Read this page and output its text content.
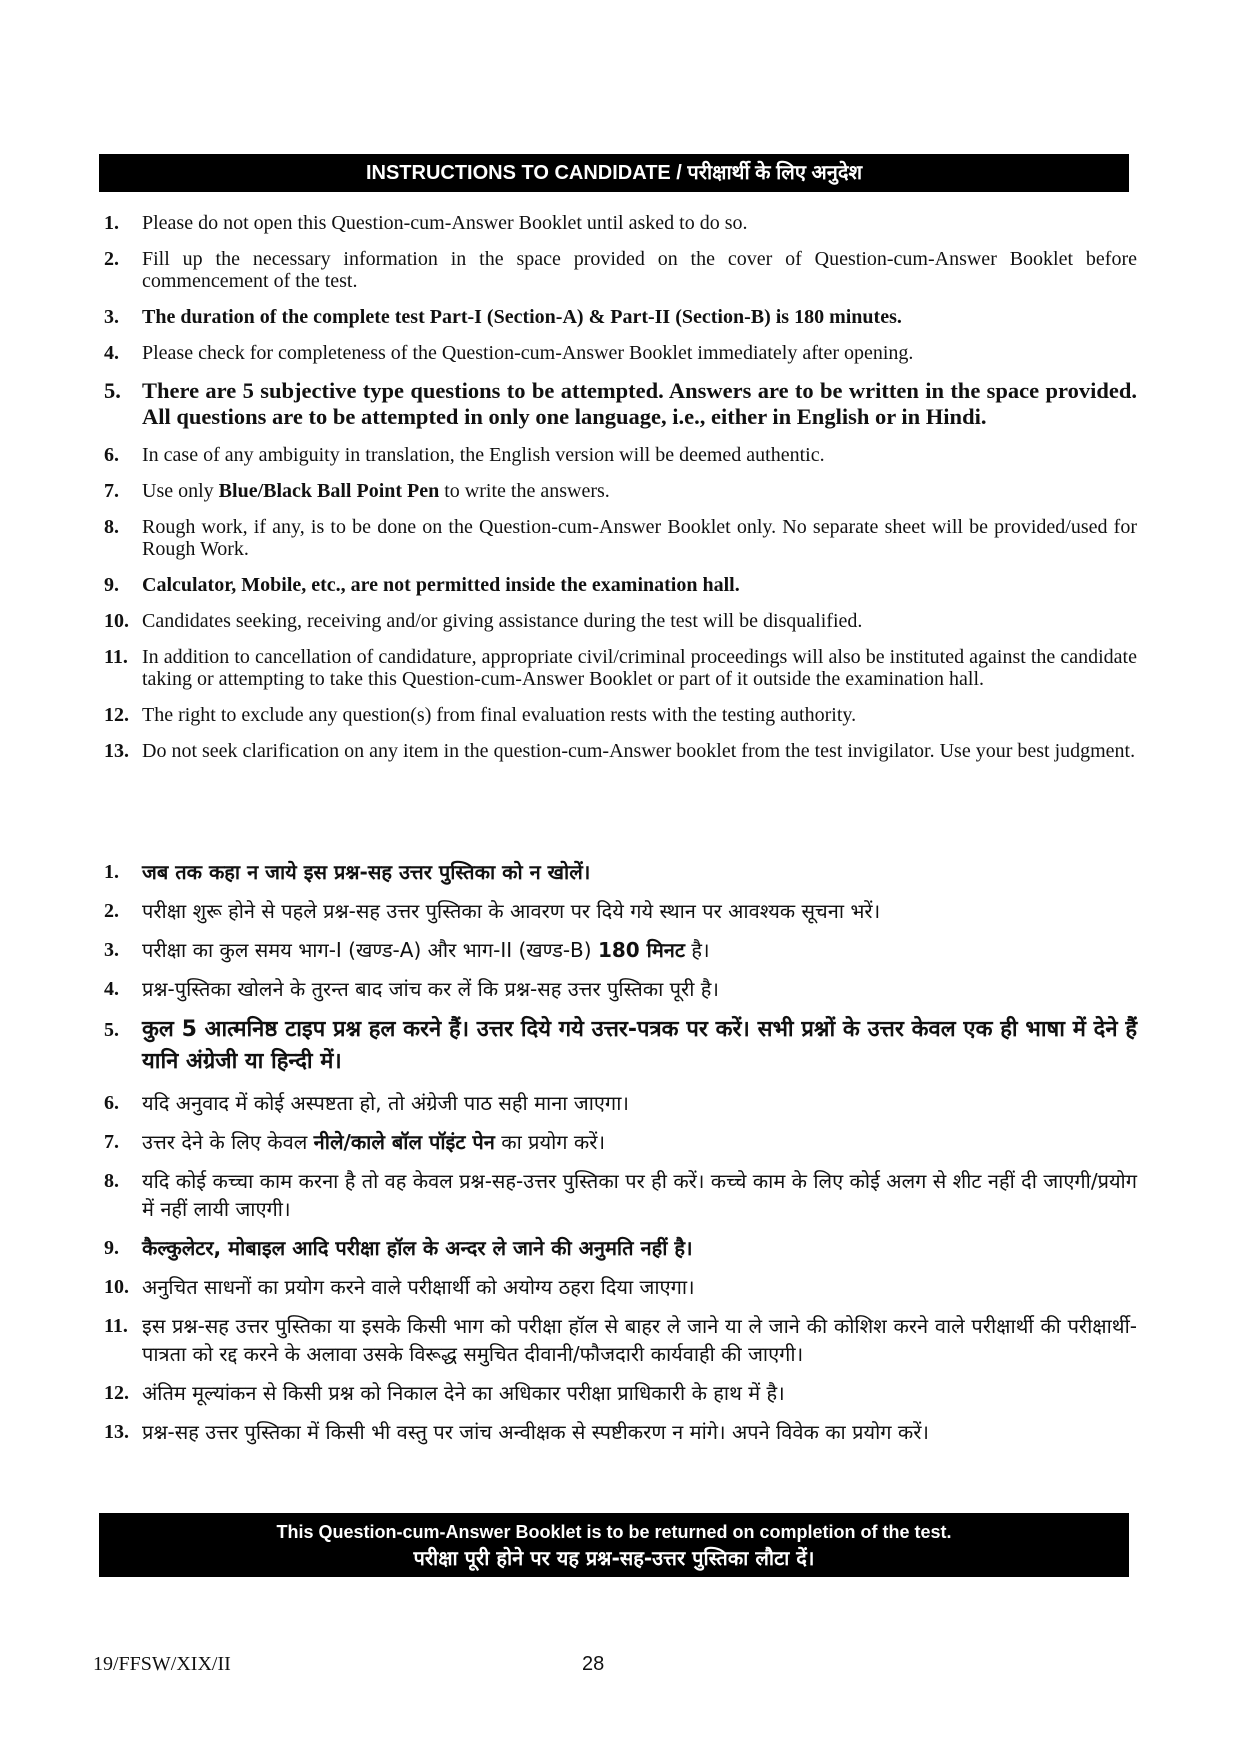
INSTRUCTIONS TO CANDIDATE / परीक्षार्थी के लिए अनुदेश
1.	Please do not open this Question-cum-Answer Booklet until asked to do so.
2.	Fill up the necessary information in the space provided on the cover of Question-cum-Answer Booklet before commencement of the test.
3.	The duration of the complete test Part-I (Section-A) & Part-II (Section-B) is 180 minutes.
4.	Please check for completeness of the Question-cum-Answer Booklet immediately after opening.
5. There are 5 subjective type questions to be attempted. Answers are to be written in the space provided. All questions are to be attempted in only one language, i.e., either in English or in Hindi.
6.	In case of any ambiguity in translation, the English version will be deemed authentic.
7.	Use only Blue/Black Ball Point Pen to write the answers.
8.	Rough work, if any, is to be done on the Question-cum-Answer Booklet only. No separate sheet will be provided/used for Rough Work.
9.	Calculator, Mobile, etc., are not permitted inside the examination hall.
10. Candidates seeking, receiving and/or giving assistance during the test will be disqualified.
11. In addition to cancellation of candidature, appropriate civil/criminal proceedings will also be instituted against the candidate taking or attempting to take this Question-cum-Answer Booklet or part of it outside the examination hall.
12. The right to exclude any question(s) from final evaluation rests with the testing authority.
13. Do not seek clarification on any item in the question-cum-Answer booklet from the test invigilator. Use your best judgment.
1.	जब तक कहा न जाये इस प्रश्न-सह उत्तर पुस्तिका को न खोलें।
2.	परीक्षा शुरू होने से पहले प्रश्न-सह उत्तर पुस्तिका के आवरण पर दिये गये स्थान पर आवश्यक सूचना भरें।
3.	परीक्षा का कुल समय भाग-I (खण्ड-A) और भाग-II (खण्ड-B) 180 मिनट है।
4.	प्रश्न-पुस्तिका खोलने के तुरन्त बाद जांच कर लें कि प्रश्न-सह उत्तर पुस्तिका पूरी है।
5.	कुल 5 आत्मनिष्ठ टाइप प्रश्न हल करने हैं। उत्तर दिये गये उत्तर-पत्रक पर करें। सभी प्रश्नों के उत्तर केवल एक ही भाषा में देने हैं यानि अंग्रेजी या हिन्दी में।
6.	यदि अनुवाद में कोई अस्पष्टता हो, तो अंग्रेजी पाठ सही माना जाएगा।
7.	उत्तर देने के लिए केवल नीले/काले बॉल पॉइंट पेन का प्रयोग करें।
8.	यदि कोई कच्चा काम करना है तो वह केवल प्रश्न-सह-उत्तर पुस्तिका पर ही करें। कच्चे काम के लिए कोई अलग से शीट नहीं दी जाएगी/प्रयोग में नहीं लायी जाएगी।
9.	कैल्कुलेटर, मोबाइल आदि परीक्षा हॉल के अन्दर ले जाने की अनुमति नहीं है।
10. अनुचित साधनों का प्रयोग करने वाले परीक्षार्थी को अयोग्य ठहरा दिया जाएगा।
11. इस प्रश्न-सह उत्तर पुस्तिका या इसके किसी भाग को परीक्षा हॉल से बाहर ले जाने या ले जाने की कोशिश करने वाले परीक्षार्थी की परीक्षार्थी-पात्रता को रद्द करने के अलावा उसके विरूद्ध समुचित दीवानी/फौजदारी कार्यवाही की जाएगी।
12. अंतिम मूल्यांकन से किसी प्रश्न को निकाल देने का अधिकार परीक्षा प्राधिकारी के हाथ में है।
13. प्रश्न-सह उत्तर पुस्तिका में किसी भी वस्तु पर जांच अन्वीक्षक से स्पष्टीकरण न मांगे। अपने विवेक का प्रयोग करें।
This Question-cum-Answer Booklet is to be returned on completion of the test.
परीक्षा पूरी होने पर यह प्रश्न-सह-उत्तर पुस्तिका लौटा दें।
19/FFSW/XIX/II	28
